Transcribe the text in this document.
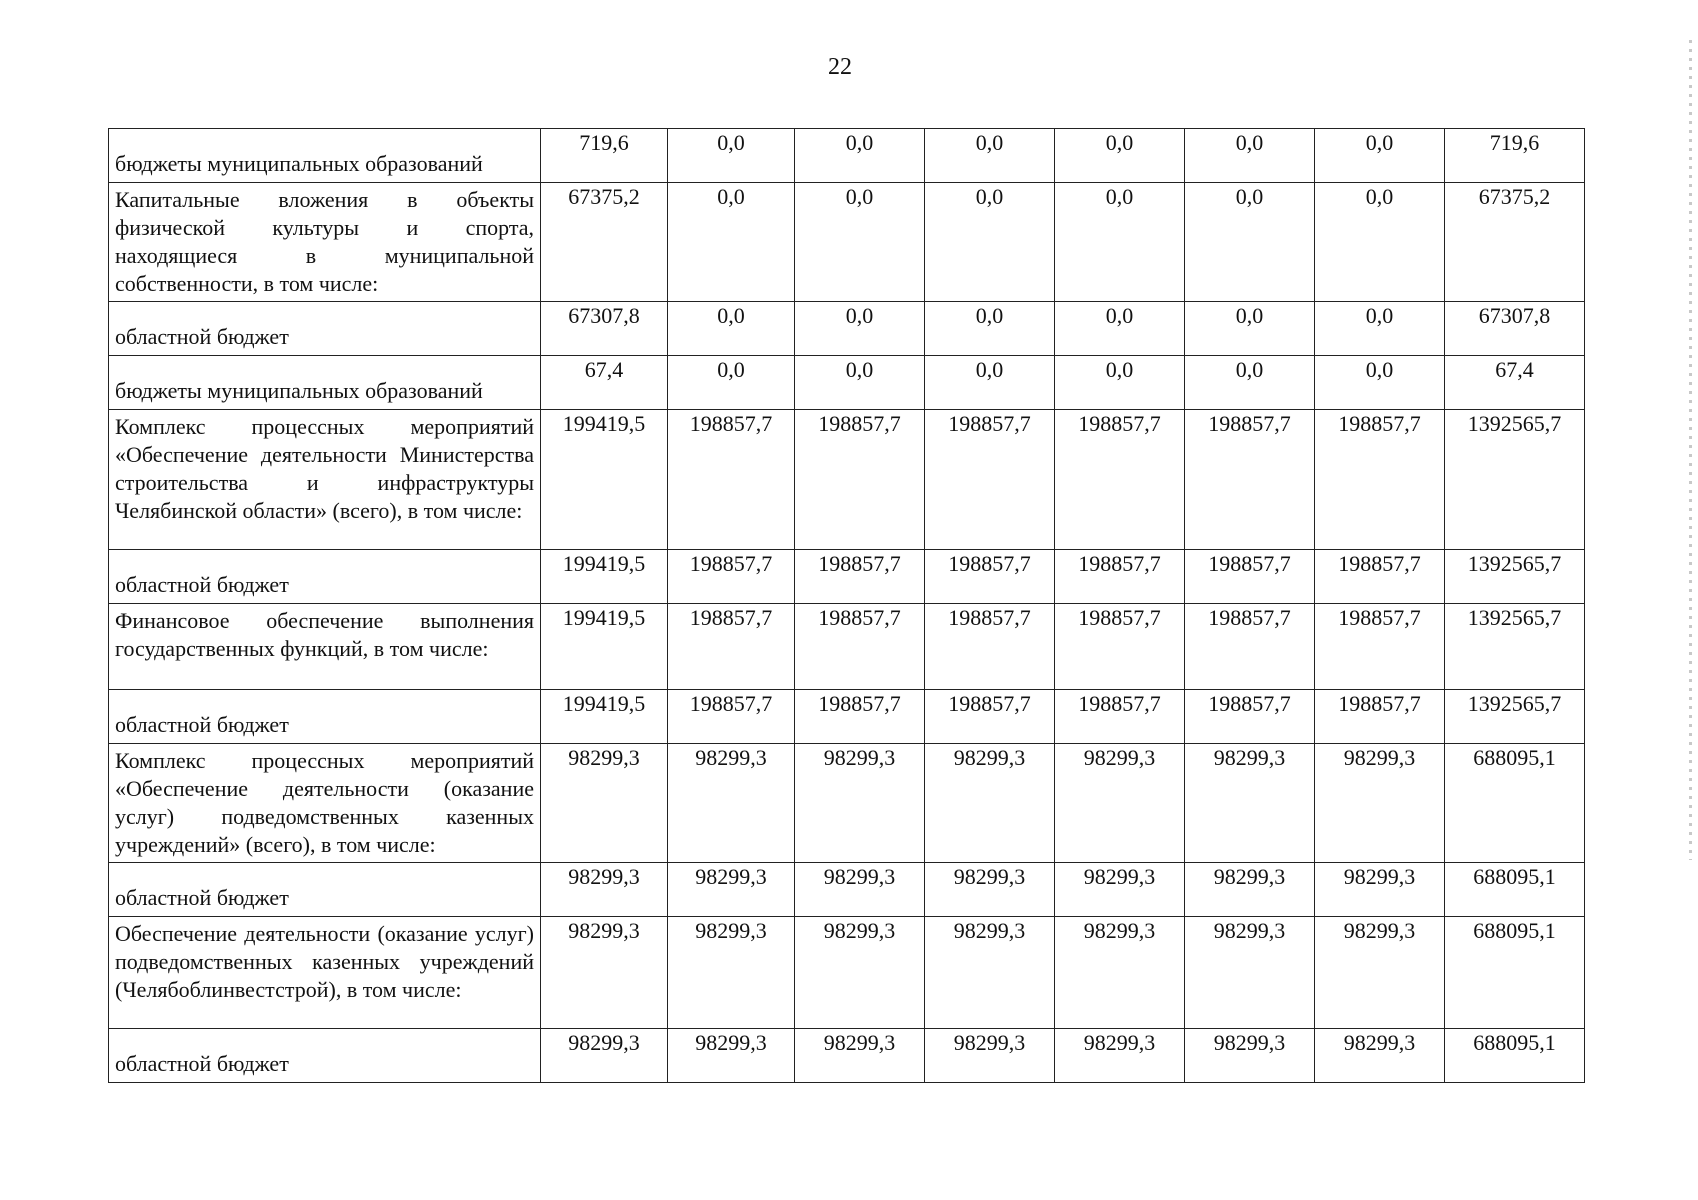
22
бюджеты муниципальных образований	719,6	0,0	0,0	0,0	0,0	0,0	0,0	719,6
Капитальные вложения в объекты физической культуры и спорта, находящиеся в муниципальной собственности, в том числе:	67375,2	0,0	0,0	0,0	0,0	0,0	0,0	67375,2
областной бюджет	67307,8	0,0	0,0	0,0	0,0	0,0	0,0	67307,8
бюджеты муниципальных образований	67,4	0,0	0,0	0,0	0,0	0,0	0,0	67,4
Комплекс процессных мероприятий «Обеспечение деятельности Министерства строительства и инфраструктуры Челябинской области» (всего), в том числе:	199419,5	198857,7	198857,7	198857,7	198857,7	198857,7	198857,7	1392565,7
областной бюджет	199419,5	198857,7	198857,7	198857,7	198857,7	198857,7	198857,7	1392565,7
Финансовое обеспечение выполнения государственных функций, в том числе:	199419,5	198857,7	198857,7	198857,7	198857,7	198857,7	198857,7	1392565,7
областной бюджет	199419,5	198857,7	198857,7	198857,7	198857,7	198857,7	198857,7	1392565,7
Комплекс процессных мероприятий «Обеспечение деятельности (оказание услуг) подведомственных казенных учреждений» (всего), в том числе:	98299,3	98299,3	98299,3	98299,3	98299,3	98299,3	98299,3	688095,1
областной бюджет	98299,3	98299,3	98299,3	98299,3	98299,3	98299,3	98299,3	688095,1
Обеспечение деятельности (оказание услуг) подведомственных казенных учреждений (Челябоблинвестстрой), в том числе:	98299,3	98299,3	98299,3	98299,3	98299,3	98299,3	98299,3	688095,1
областной бюджет	98299,3	98299,3	98299,3	98299,3	98299,3	98299,3	98299,3	688095,1
